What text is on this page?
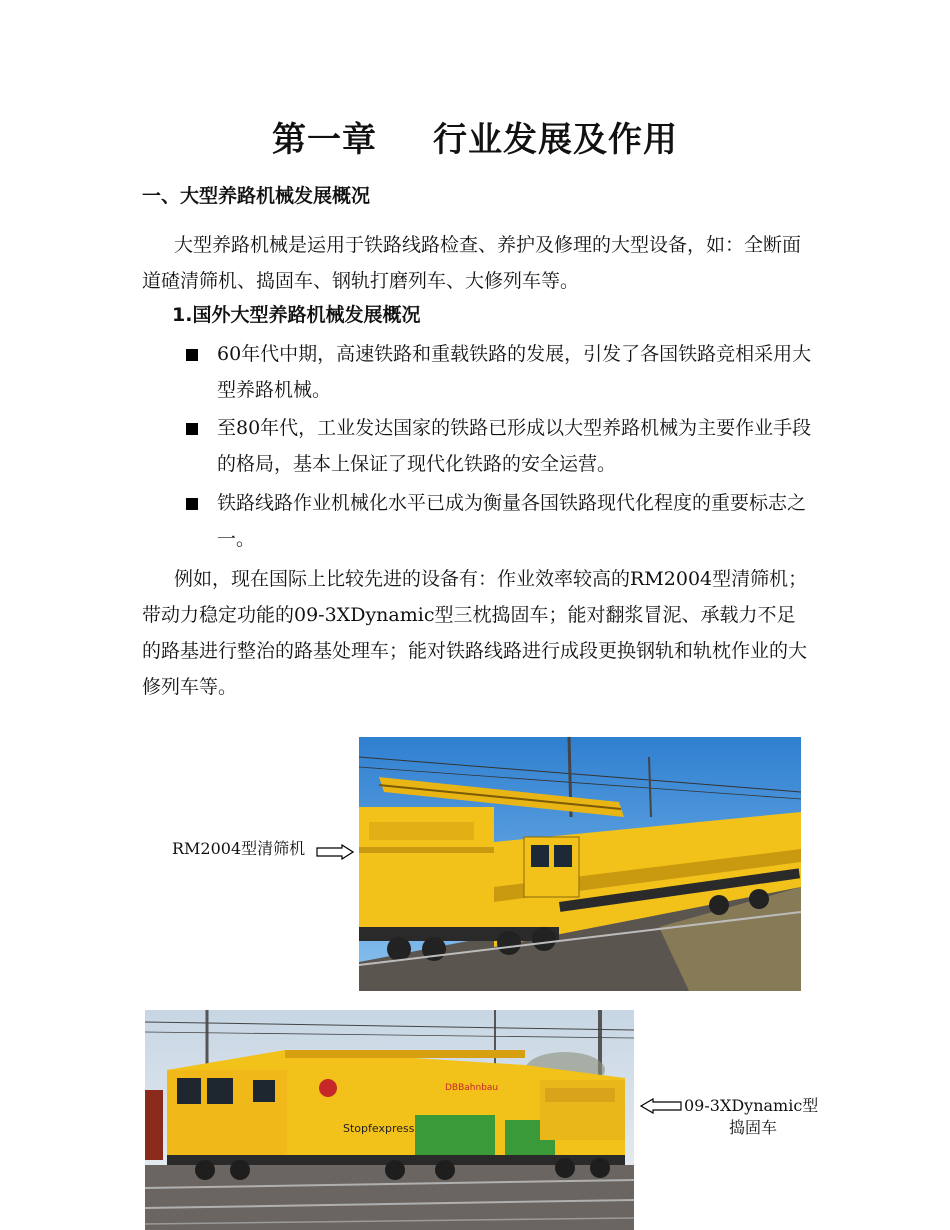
第一章 行业发展及作用
一、大型养路机械发展概况
大型养路机械是运用于铁路线路检查、养护及修理的大型设备，如：全断面道碴清筛机、捣固车、钢轨打磨列车、大修列车等。
1.国外大型养路机械发展概况
60年代中期，高速铁路和重载铁路的发展，引发了各国铁路竞相采用大型养路机械。
至80年代，工业发达国家的铁路已形成以大型养路机械为主要作业手段的格局，基本上保证了现代化铁路的安全运营。
铁路线路作业机械化水平已成为衡量各国铁路现代化程度的重要标志之一。
例如，现在国际上比较先进的设备有：作业效率较高的RM2004型清筛机；带动力稳定功能的09-3XDynamic型三枕捣固车；能对翻浆冒泥、承载力不足的路基进行整治的路基处理车；能对铁路线路进行成段更换钢轨和轨枕作业的大修列车等。
RM2004型清筛机
DBBahnbau
Stopfexpress
09-3XDynamic型
捣固车
